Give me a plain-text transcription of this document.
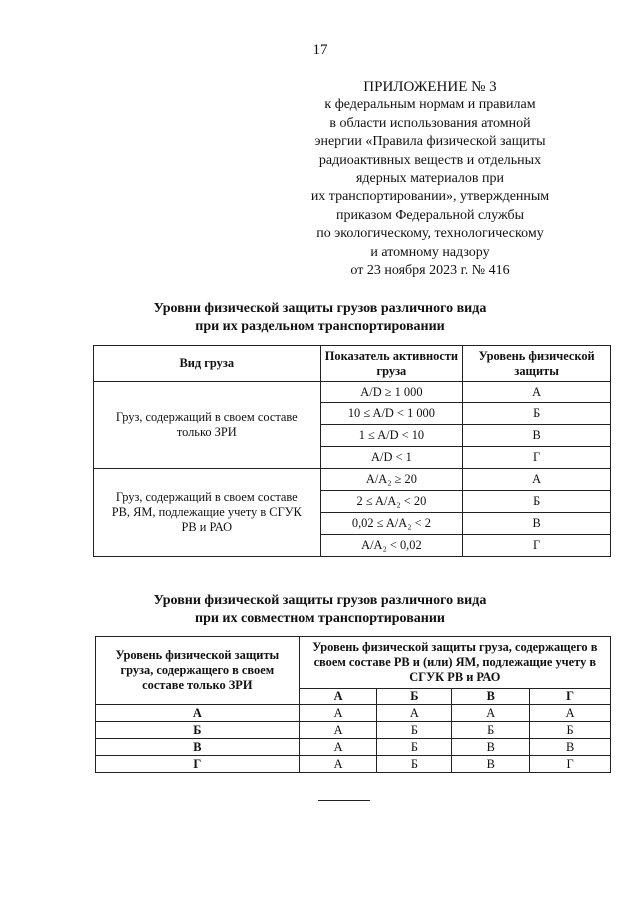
17
ПРИЛОЖЕНИЕ № 3
к федеральным нормам и правилам
в области использования атомной
энергии «Правила физической защиты
радиоактивных веществ и отдельных
ядерных материалов при
их транспортировании», утвержденным
приказом Федеральной службы
по экологическому, технологическому
и атомному надзору
от 23 ноября 2023 г. № 416
Уровни физической защиты грузов различного вида
при их раздельном транспортировании
Вид груза	Показатель активности груза	Уровень физической защиты
Груз, содержащий в своем составе только ЗРИ	A/D ≥ 1 000	А
	10 ≤ A/D < 1 000	Б
	1 ≤ A/D < 10	В
	A/D < 1	Г
Груз, содержащий в своем составе РВ, ЯМ, подлежащие учету в СГУК РВ и РАО	A/A₂ ≥ 20	А
	2 ≤ A/A₂ < 20	Б
	0,02 ≤ A/A₂ < 2	В
	A/A₂ < 0,02	Г
Уровни физической защиты грузов различного вида
при их совместном транспортировании
Уровень физической защиты груза, содержащего в своем составе только ЗРИ	Уровень физической защиты груза, содержащего в своем составе РВ и (или) ЯМ, подлежащие учету в СГУК РВ и РАО			
	А	Б	В	Г
А	А	А	А	А
Б	А	Б	Б	Б
В	А	Б	В	В
Г	А	Б	В	Г
